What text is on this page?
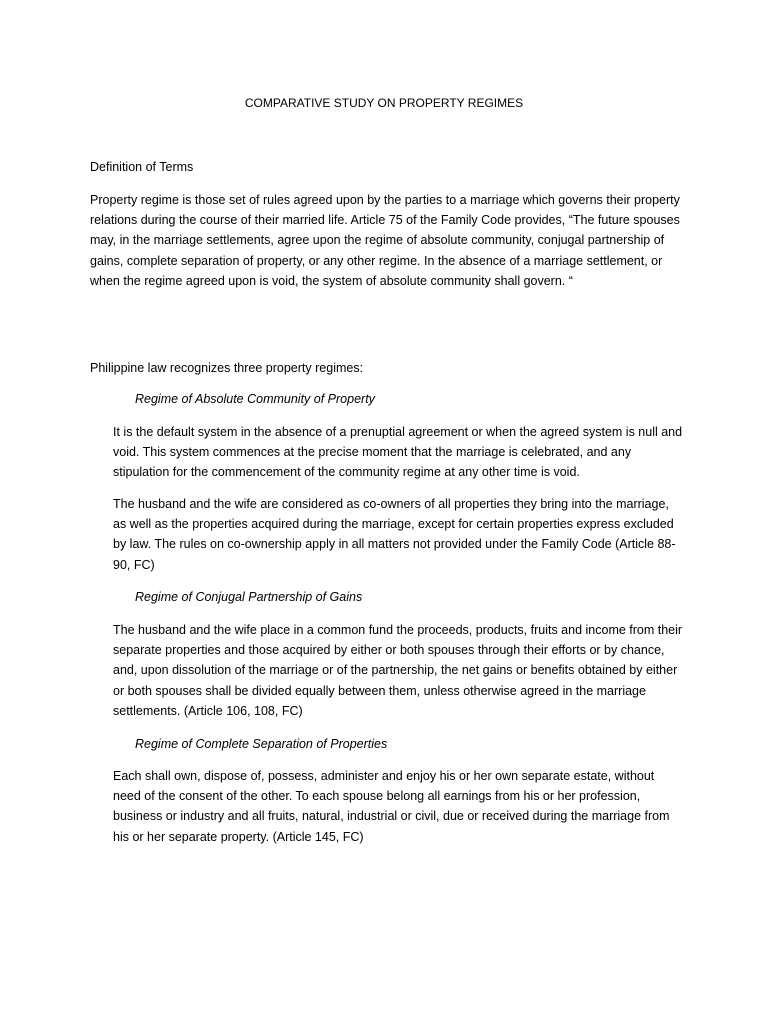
COMPARATIVE STUDY ON PROPERTY REGIMES
Definition of Terms

Property regime is those set of rules agreed upon by the parties to a marriage which governs their property relations during the course of their married life. Article 75 of the Family Code provides, “The future spouses may, in the marriage settlements, agree upon the regime of absolute community, conjugal partnership of gains, complete separation of property, or any other regime. In the absence of a marriage settlement, or when the regime agreed upon is void, the system of absolute community shall govern. “

Philippine law recognizes three property regimes:

Regime of Absolute Community of Property

It is the default system in the absence of a prenuptial agreement or when the agreed system is null and void. This system commences at the precise moment that the marriage is celebrated, and any stipulation for the commencement of the community regime at any other time is void.

The husband and the wife are considered as co-owners of all properties they bring into the marriage, as well as the properties acquired during the marriage, except for certain properties express excluded by law. The rules on co-ownership apply in all matters not provided under the Family Code (Article 88-90, FC)

Regime of Conjugal Partnership of Gains

The husband and the wife place in a common fund the proceeds, products, fruits and income from their separate properties and those acquired by either or both spouses through their efforts or by chance, and, upon dissolution of the marriage or of the partnership, the net gains or benefits obtained by either or both spouses shall be divided equally between them, unless otherwise agreed in the marriage settlements. (Article 106, 108, FC)

Regime of Complete Separation of Properties

Each shall own, dispose of, possess, administer and enjoy his or her own separate estate, without need of the consent of the other. To each spouse belong all earnings from his or her profession, business or industry and all fruits, natural, industrial or civil, due or received during the marriage from his or her separate property. (Article 145, FC)
